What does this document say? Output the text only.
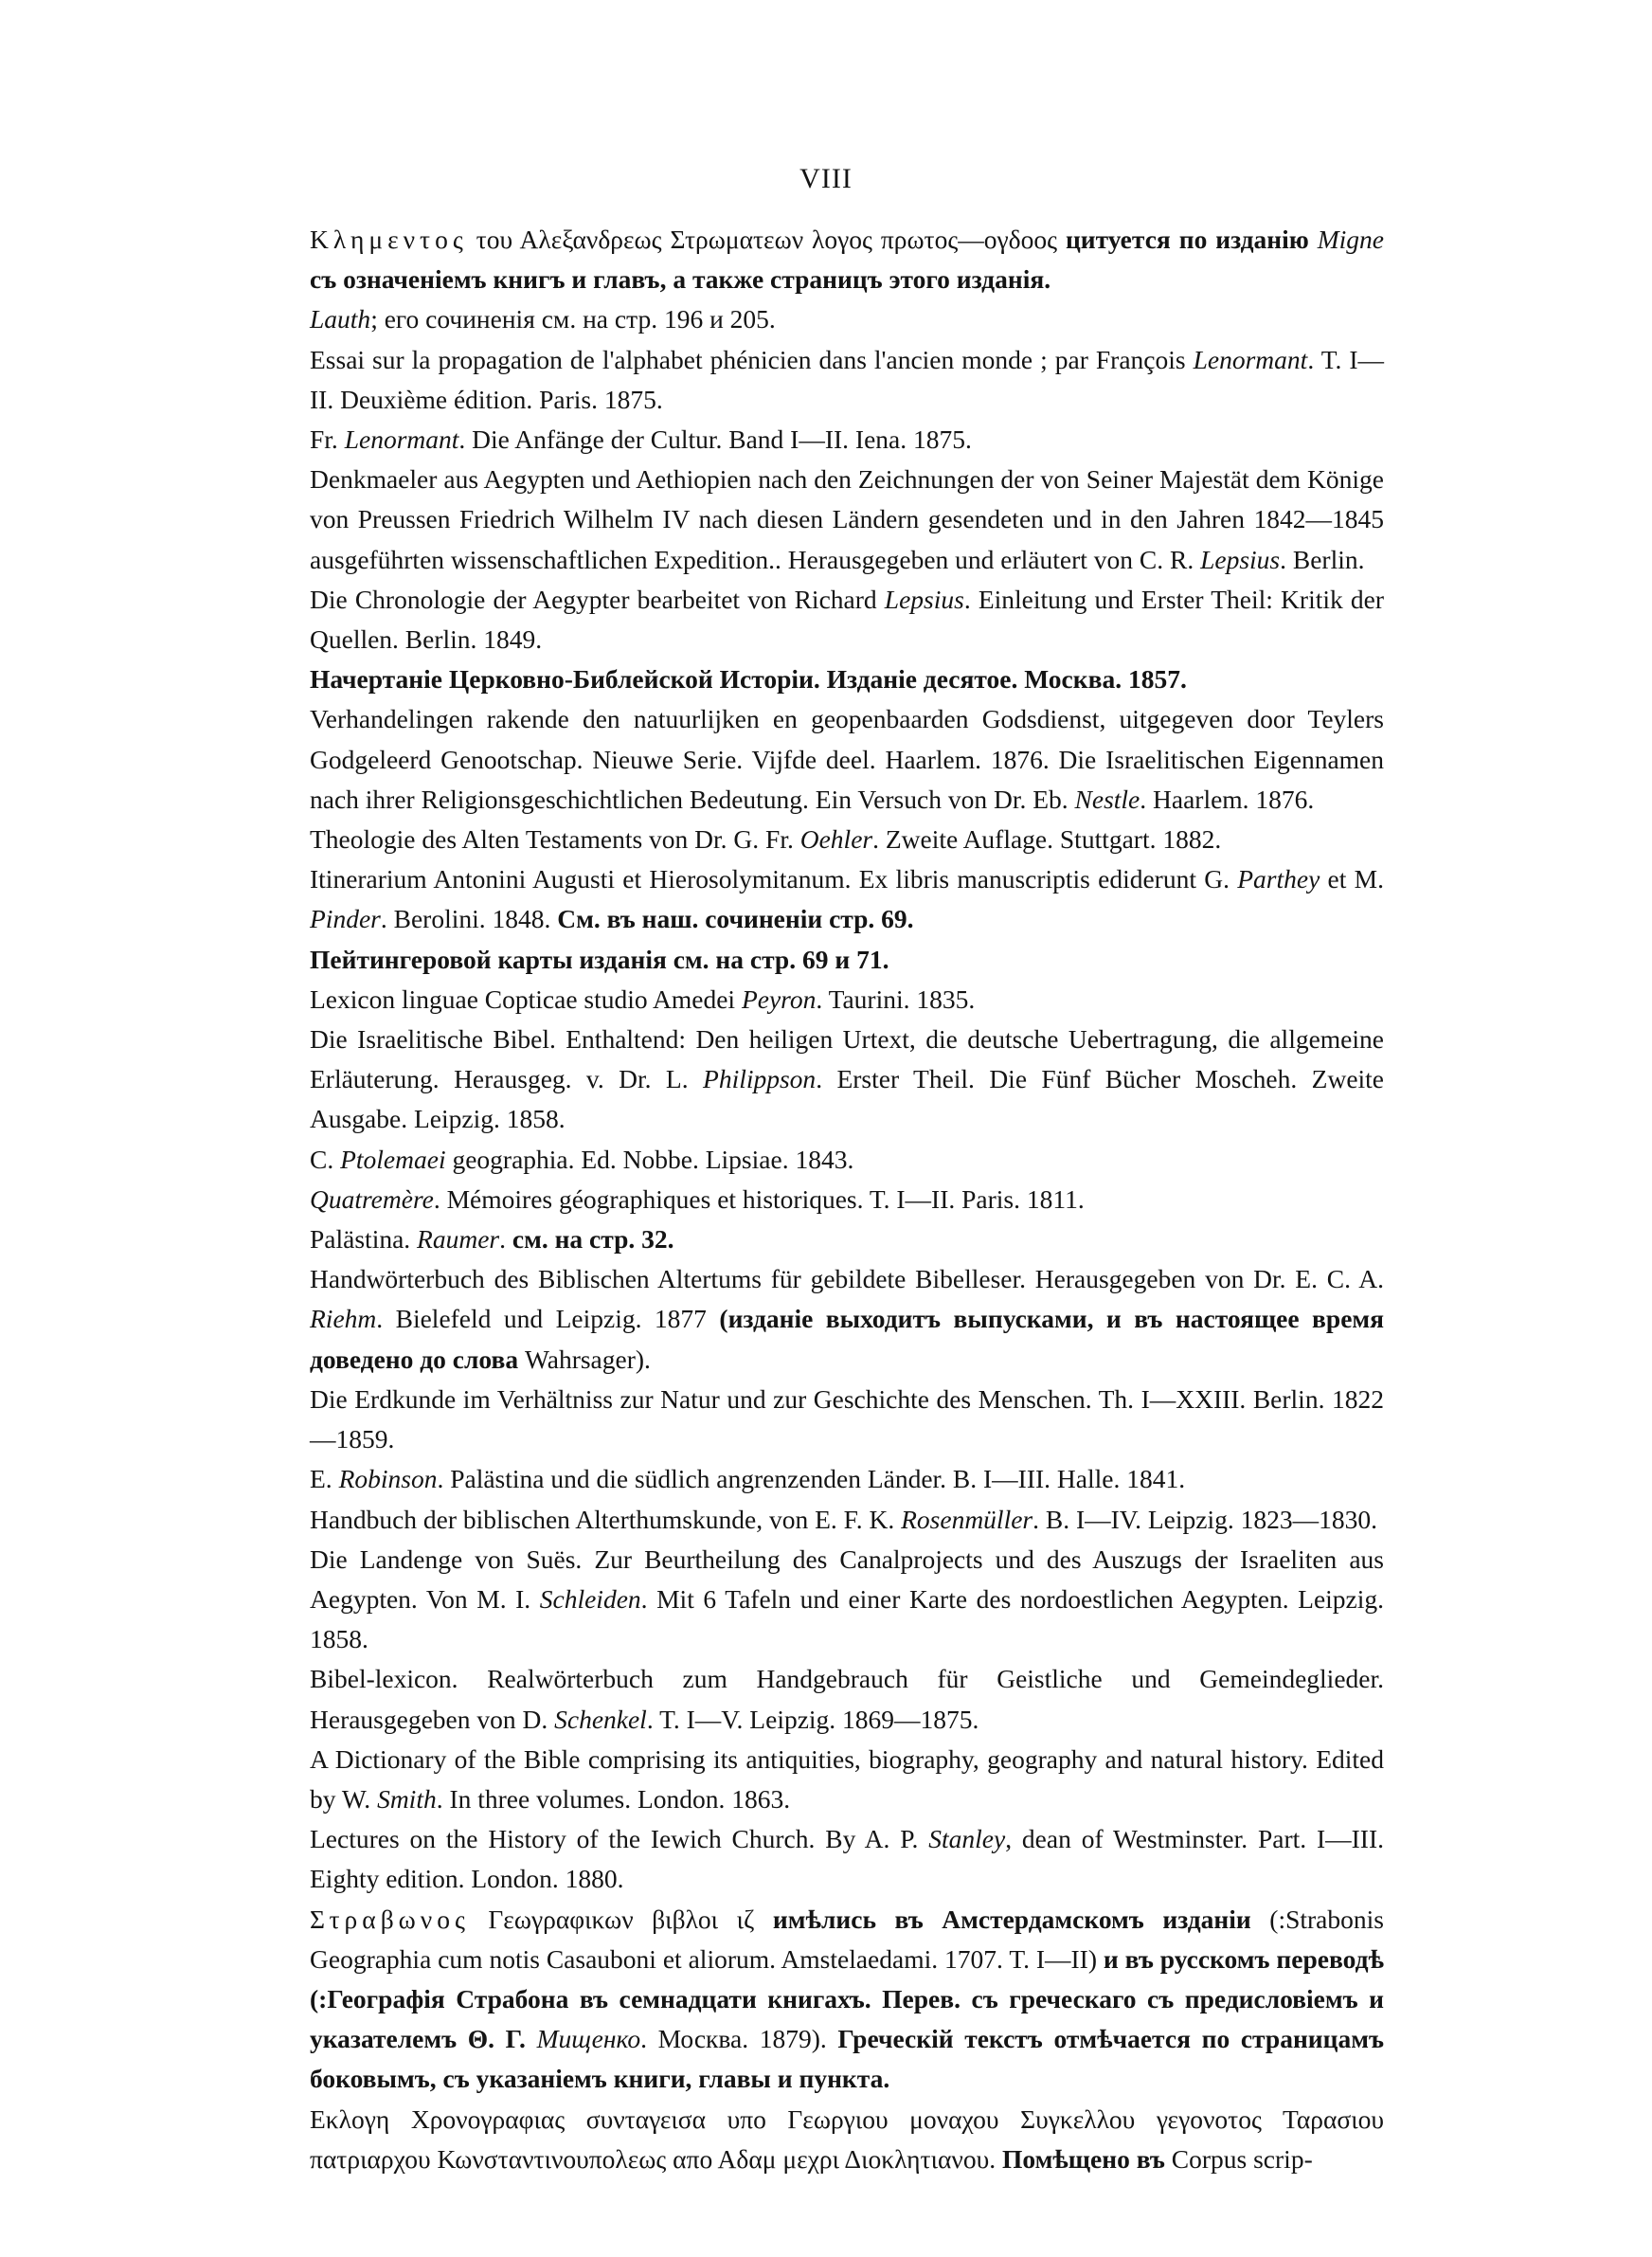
VIII

Κλημεντος του Αλεξανδρεως Στρωματεων λογος πρωτος—ογδοος цитуется по изданію Migne съ означеніемъ книгъ и главъ, а также страницъ этого изданія.

Lauth; его сочиненія см. на стр. 196 и 205.

Essai sur la propagation de l'alphabet phénicien dans l'ancien monde ; par François Lenormant. T. I—II. Deuxième édition. Paris. 1875.

Fr. Lenormant. Die Anfänge der Cultur. Band I—II. Iena. 1875.

Denkmaeler aus Aegypten und Aethiopien nach den Zeichnungen der von Seiner Majestät dem Könige von Preussen Friedrich Wilhelm IV nach diesen Ländern gesendeten und in den Jahren 1842—1845 ausgeführten wissenschaftlichen Expedition.. Herausgegeben und erläutert von C. R. Lepsius. Berlin.

Die Chronologie der Aegypter bearbeitet von Richard Lepsius. Einleitung und Erster Theil: Kritik der Quellen. Berlin. 1849.

Начертаніе Церковно-Библейской Исторіи. Изданіе десятое. Москва. 1857.

Verhandelingen rakende den natuurlijken en geopenbaarden Godsdienst, uitgegeven door Teylers Godgeleerd Genootschap. Nieuwe Serie. Vijfde deel. Haarlem. 1876. Die Israelitischen Eigennamen nach ihrer Religionsgeschichtlichen Bedeutung. Ein Versuch von Dr. Eb. Nestle. Haarlem. 1876.

Theologie des Alten Testaments von Dr. G. Fr. Oehler. Zweite Auflage. Stuttgart. 1882.

Itinerarium Antonini Augusti et Hierosolymitanum. Ex libris manuscriptis ediderunt G. Parthey et M. Pinder. Berolini. 1848. См. въ наш. сочиненіи стр. 69.

Пейтингеровой карты изданія см. на стр. 69 и 71.

Lexicon linguae Copticae studio Amedei Peyron. Taurini. 1835.

Die Israelitische Bibel. Enthaltend: Den heiligen Urtext, die deutsche Uebertragung, die allgemeine Erläuterung. Herausgeg. v. Dr. L. Philippson. Erster Theil. Die Fünf Bücher Moscheh. Zweite Ausgabe. Leipzig. 1858.

C. Ptolemaei geographia. Ed. Nobbe. Lipsiae. 1843.

Quatremère. Mémoires géographiques et historiques. T. I—II. Paris. 1811.

Palästina. Raumer. см. на стр. 32.

Handwörterbuch des Biblischen Altertums für gebildete Bibelleser. Herausgegeben von Dr. E. C. A. Riehm. Bielefeld und Leipzig. 1877 (изданіе выходитъ выпусками, и въ настоящее время доведено до слова Wahrsager).

Die Erdkunde im Verhältniss zur Natur und zur Geschichte des Menschen. Th. I—XXIII. Berlin. 1822—1859.

E. Robinson. Palästina und die südlich angrenzenden Länder. B. I—III. Halle. 1841.

Handbuch der biblischen Alterthumskunde, von E. F. K. Rosenmüller. B. I—IV. Leipzig. 1823—1830.

Die Landenge von Suës. Zur Beurtheilung des Canalprojects und des Auszugs der Israeliten aus Aegypten. Von M. I. Schleiden. Mit 6 Tafeln und einer Karte des nordoestlichen Aegypten. Leipzig. 1858.

Bibel-lexicon. Realwörterbuch zum Handgebrauch für Geistliche und Gemeindeglieder. Herausgegeben von D. Schenkel. T. I—V. Leipzig. 1869—1875.

A Dictionary of the Bible comprising its antiquities, biography, geography and natural history. Edited by W. Smith. In three volumes. London. 1863.

Lectures on the History of the Iewich Church. By A. P. Stanley, dean of Westminster. Part. I—III. Eighty edition. London. 1880.

Στραβωνος Γεωγραφικων βιβλοι ιζ имѣлись въ Амстердамскомъ изданіи (:Strabonis Geographia cum notis Casauboni et aliorum. Amstelaedami. 1707. T. I—II) и въ русскомъ переводѣ (:Географія Страбона въ семнадцати книгахъ. Перев. съ греческаго съ предисловіемъ и указателемъ Θ. Г. Мищенко. Москва. 1879). Греческій текстъ отмѣчается по страницамъ боковымъ, съ указаніемъ книги, главы и пункта.

Εκλογη Χρονογραφιας συνταγεισα υπο Γεωργιου μοναχου Συγκελλου γεγονοτος Ταρασιου πατριαρχου Κωνσταντινουπολεως απο Αδαμ μεχρι Διοκλητιανου. Помѣщено въ Corpus scrip-
